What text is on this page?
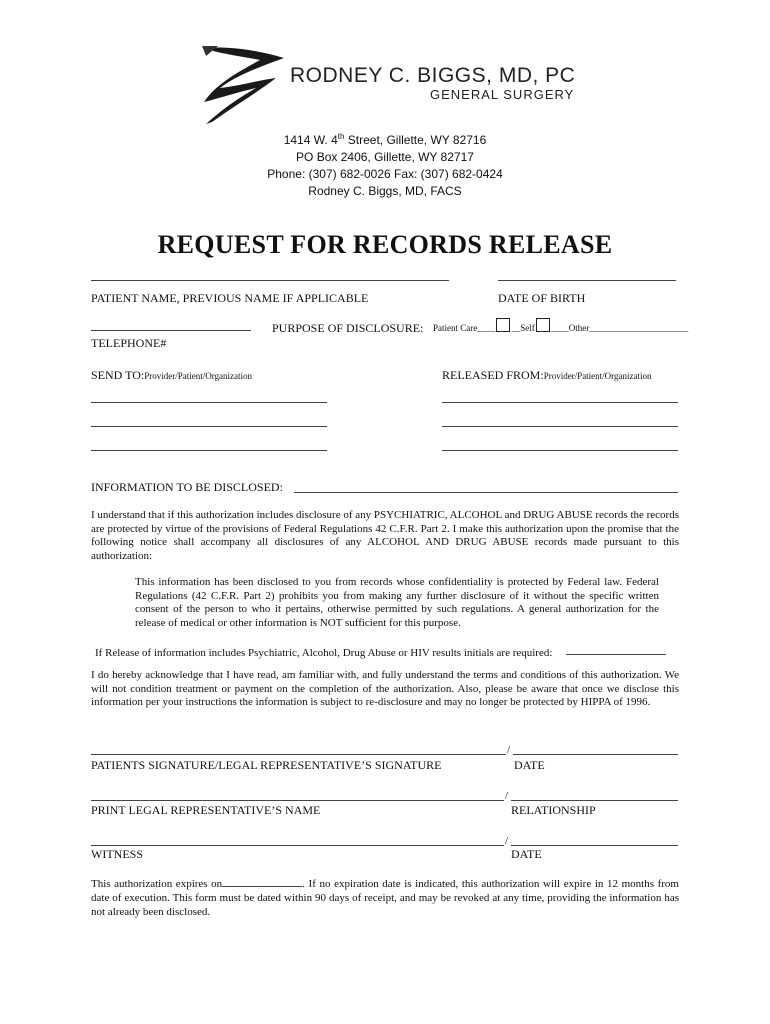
RODNEY C. BIGGS, MD, PC
GENERAL SURGERY
1414 W. 4th Street, Gillette, WY 82716
PO Box 2406, Gillette, WY 82717
Phone: (307) 682-0026 Fax: (307) 682-0424
Rodney C. Biggs, MD, FACS
REQUEST FOR RECORDS RELEASE
PATIENT NAME, PREVIOUS NAME IF APPLICABLE	DATE OF BIRTH
PURPOSE OF DISCLOSURE: Patient Care____ __Self ____Other______________________
TELEPHONE#
SEND TO:Provider/Patient/Organization	RELEASED FROM:Provider/Patient/Organization
INFORMATION TO BE DISCLOSED:

I understand that if this authorization includes disclosure of any PSYCHIATRIC, ALCOHOL and DRUG ABUSE records the records are protected by virtue of the provisions of Federal Regulations 42 C.F.R. Part 2. I make this authorization upon the promise that the following notice shall accompany all disclosures of any ALCOHOL AND DRUG ABUSE records made pursuant to this authorization:

This information has been disclosed to you from records whose confidentiality is protected by Federal law. Federal Regulations (42 C.F.R. Part 2) prohibits you from making any further disclosure of it without the specific written consent of the person to who it pertains, otherwise permitted by such regulations. A general authorization for the release of medical or other information is NOT sufficient for this purpose.

If Release of information includes Psychiatric, Alcohol, Drug Abuse or HIV results initials are required:

I do hereby acknowledge that I have read, am familiar with, and fully understand the terms and conditions of this authorization. We will not condition treatment or payment on the completion of the authorization. Also, please be aware that once we disclose this information per your instructions the information is subject to re-disclosure and may no longer be protected by HIPPA of 1996.

/
PATIENTS SIGNATURE/LEGAL REPRESENTATIVE’S SIGNATURE	DATE
/
PRINT LEGAL REPRESENTATIVE’S NAME	RELATIONSHIP
/
WITNESS	DATE

This authorization expires on	. If no expiration date is indicated, this authorization will expire in 12 months from date of execution. This form must be dated within 90 days of receipt, and may be revoked at any time, providing the information has not already been disclosed.
